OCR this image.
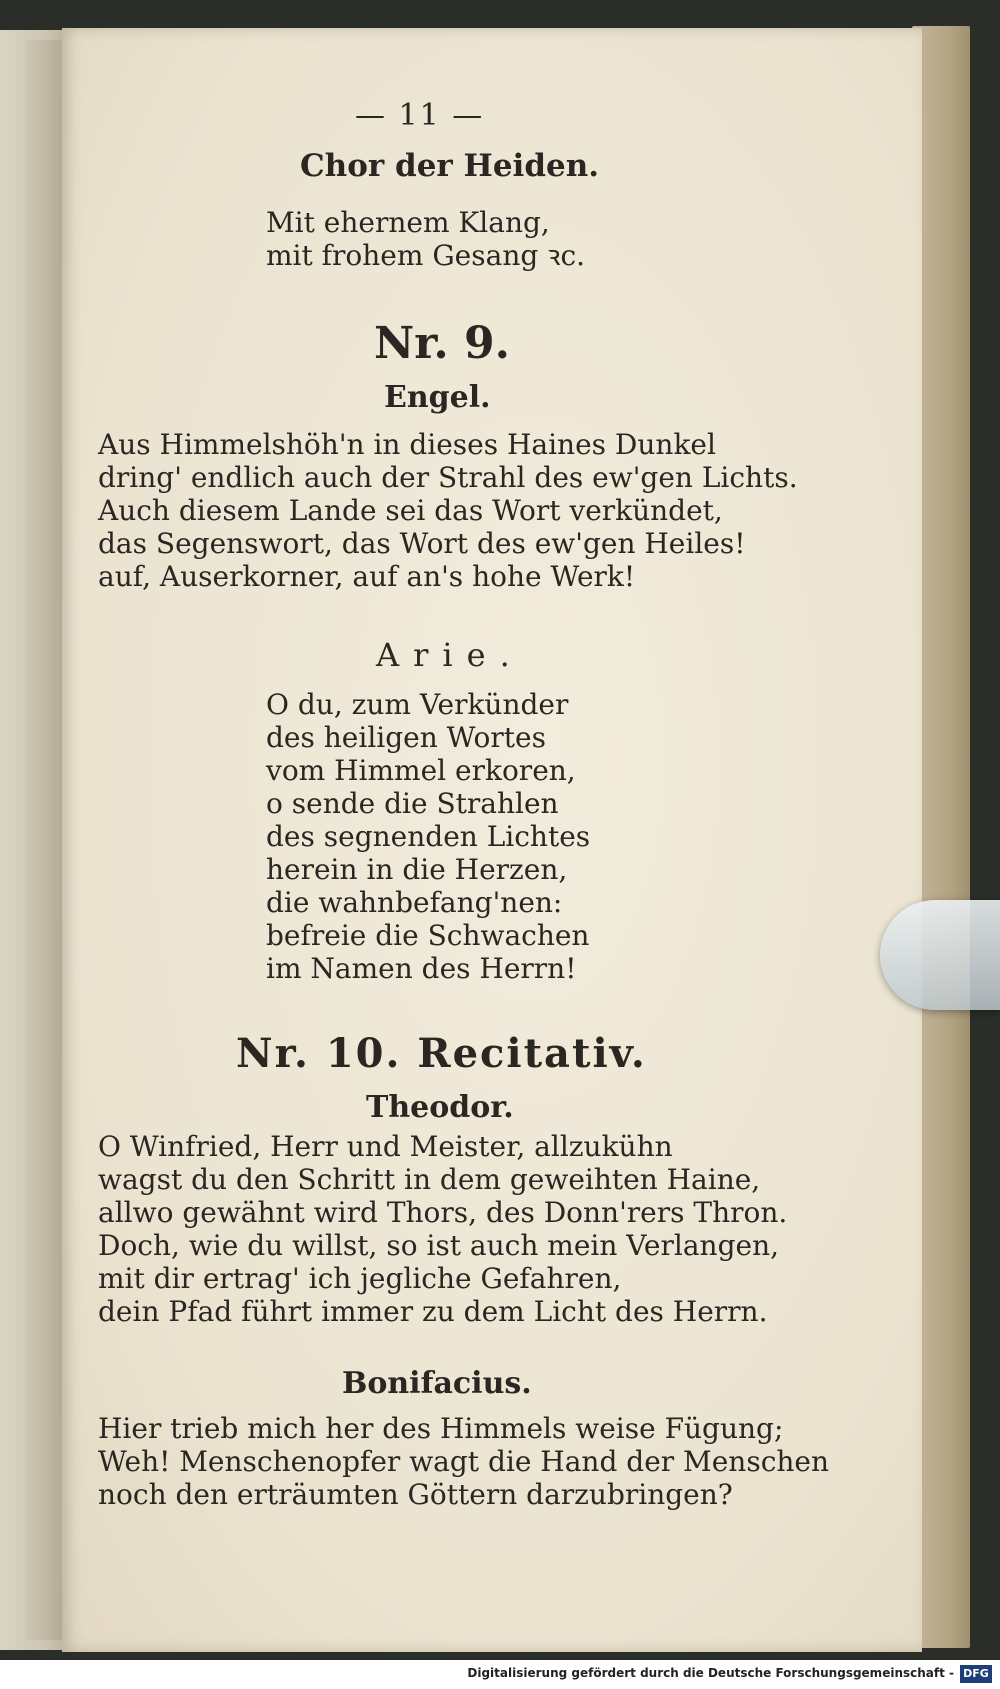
— 11 —
Chor der Heiden.
Mit ehernem Klang,
mit frohem Gesang ꝛc.
Nr. 9.
Engel.
Aus Himmelshöh'n in dieses Haines Dunkel
dring' endlich auch der Strahl des ew'gen Lichts.
Auch diesem Lande sei das Wort verkündet,
das Segenswort, das Wort des ew'gen Heiles!
auf, Auserkorner, auf an's hohe Werk!
Arie.
O du, zum Verkünder
des heiligen Wortes
vom Himmel erkoren,
o sende die Strahlen
des segnenden Lichtes
herein in die Herzen,
die wahnbefang'nen:
befreie die Schwachen
im Namen des Herrn!
Nr. 10. Recitativ.
Theodor.
O Winfried, Herr und Meister, allzukühn
wagst du den Schritt in dem geweihten Haine,
allwo gewähnt wird Thors, des Donn'rers Thron.
Doch, wie du willst, so ist auch mein Verlangen,
mit dir ertrag' ich jegliche Gefahren,
dein Pfad führt immer zu dem Licht des Herrn.
Bonifacius.
Hier trieb mich her des Himmels weise Fügung;
Weh! Menschenopfer wagt die Hand der Menschen
noch den erträumten Göttern darzubringen?
Digitalisierung gefördert durch die Deutsche Forschungsgemeinschaft - DFG
